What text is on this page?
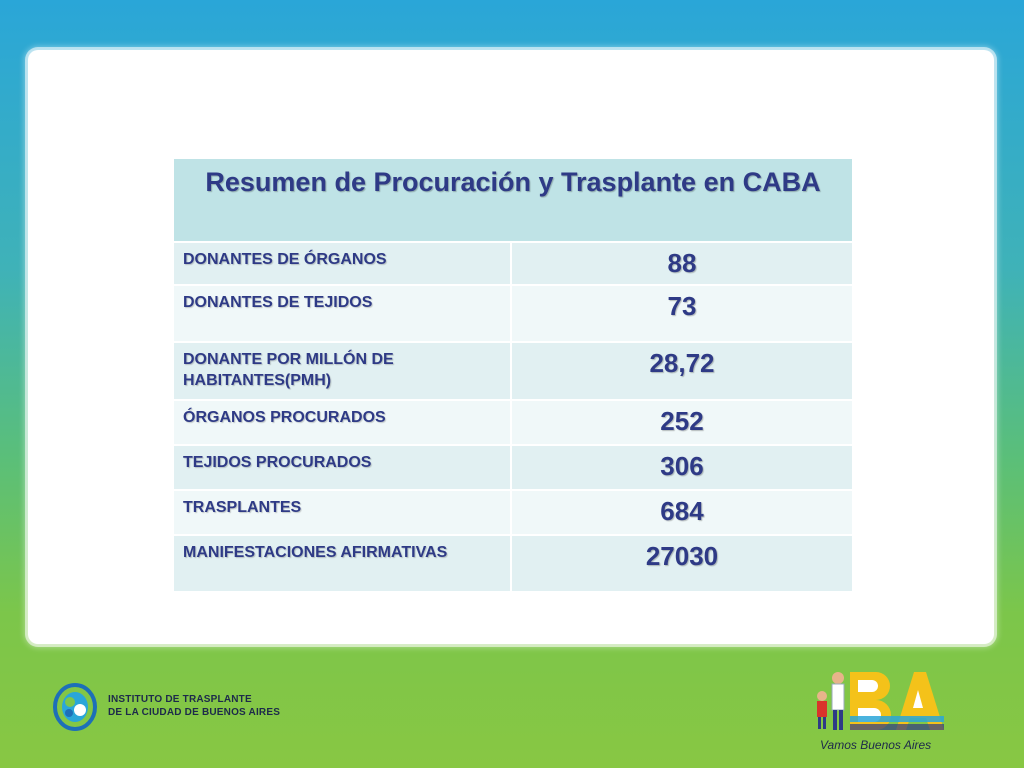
Resumen de Procuración y Trasplante en CABA	
DONANTES DE ÓRGANOS	88
DONANTES DE TEJIDOS	73
DONANTE POR MILLÓN DE HABITANTES(PMH)	28,72
ÓRGANOS PROCURADOS	252
TEJIDOS PROCURADOS	306
TRASPLANTES	684
MANIFESTACIONES AFIRMATIVAS	27030
INSTITUTO DE TRASPLANTE
DE LA CIUDAD DE BUENOS AIRES
Vamos Buenos Aires
